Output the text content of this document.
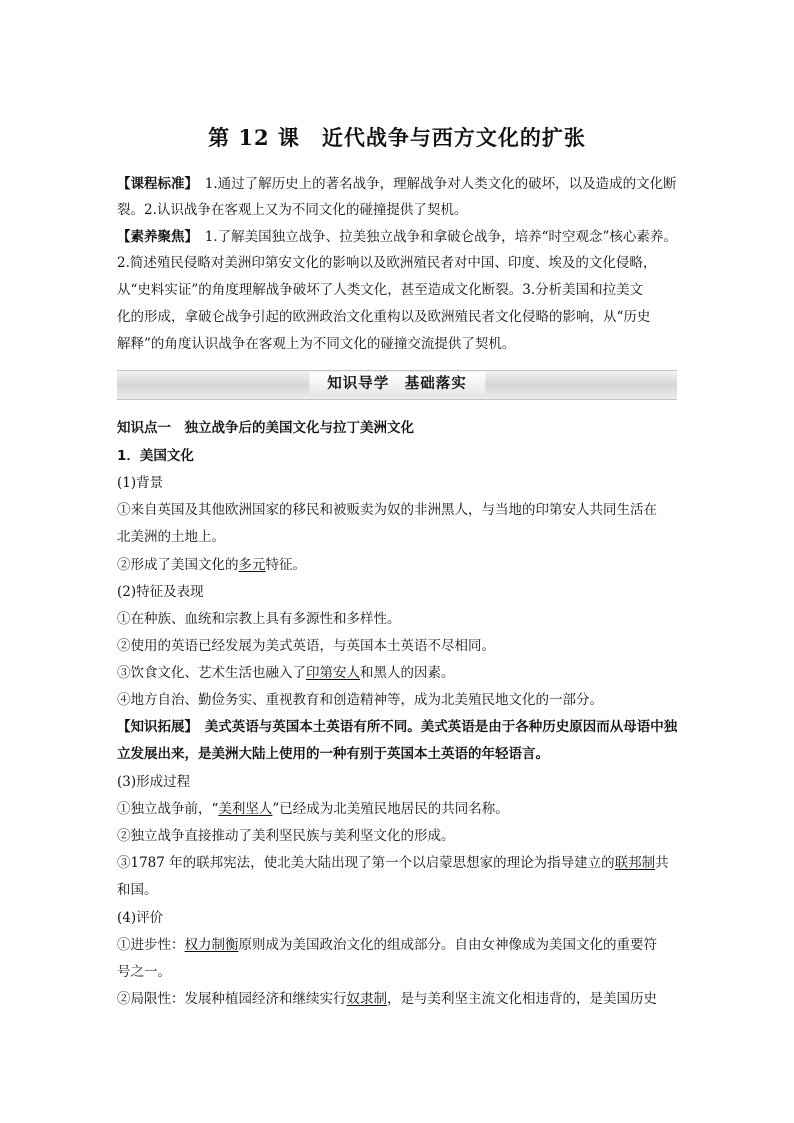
第 12 课　近代战争与西方文化的扩张
【课程标准】　 1.通过了解历史上的著名战争，理解战争对人类文化的破坏，以及造成的文化断
裂。2.认识战争在客观上又为不同文化的碰撞提供了契机。
【素养聚焦】　 1.了解美国独立战争、拉美独立战争和拿破仑战争，培养“时空观念”核心素养。
2.简述殖民侵略对美洲印第安文化的影响以及欧洲殖民者对中国、印度、埃及的文化侵略，
从“史料实证”的角度理解战争破坏了人类文化，甚至造成文化断裂。3.分析美国和拉美文
化的形成，拿破仑战争引起的欧洲政治文化重构以及欧洲殖民者文化侵略的影响，从“历史
解释”的角度认识战争在客观上为不同文化的碰撞交流提供了契机。
知识导学　基础落实
知识点一　独立战争后的美国文化与拉丁美洲文化
1．美国文化
(1)背景
①来自英国及其他欧洲国家的移民和被贩卖为奴的非洲黑人，与当地的印第安人共同生活在
北美洲的土地上。
②形成了美国文化的多元特征。
(2)特征及表现
①在种族、血统和宗教上具有多源性和多样性。
②使用的英语已经发展为美式英语，与英国本土英语不尽相同。
③饮食文化、艺术生活也融入了印第安人和黑人的因素。
④地方自治、勤俭务实、重视教育和创造精神等，成为北美殖民地文化的一部分。
【知识拓展】　 美式英语与英国本土英语有所不同。美式英语是由于各种历史原因而从母语中独
立发展出来，是美洲大陆上使用的一种有别于英国本土英语的年轻语言。
(3)形成过程
①独立战争前，“美利坚人”已经成为北美殖民地居民的共同名称。
②独立战争直接推动了美利坚民族与美利坚文化的形成。
③1787 年的联邦宪法，使北美大陆出现了第一个以启蒙思想家的理论为指导建立的联邦制共
和国。
(4)评价
①进步性：权力制衡原则成为美国政治文化的组成部分。自由女神像成为美国文化的重要符
号之一。
②局限性：发展种植园经济和继续实行奴隶制，是与美利坚主流文化相违背的，是美国历史
